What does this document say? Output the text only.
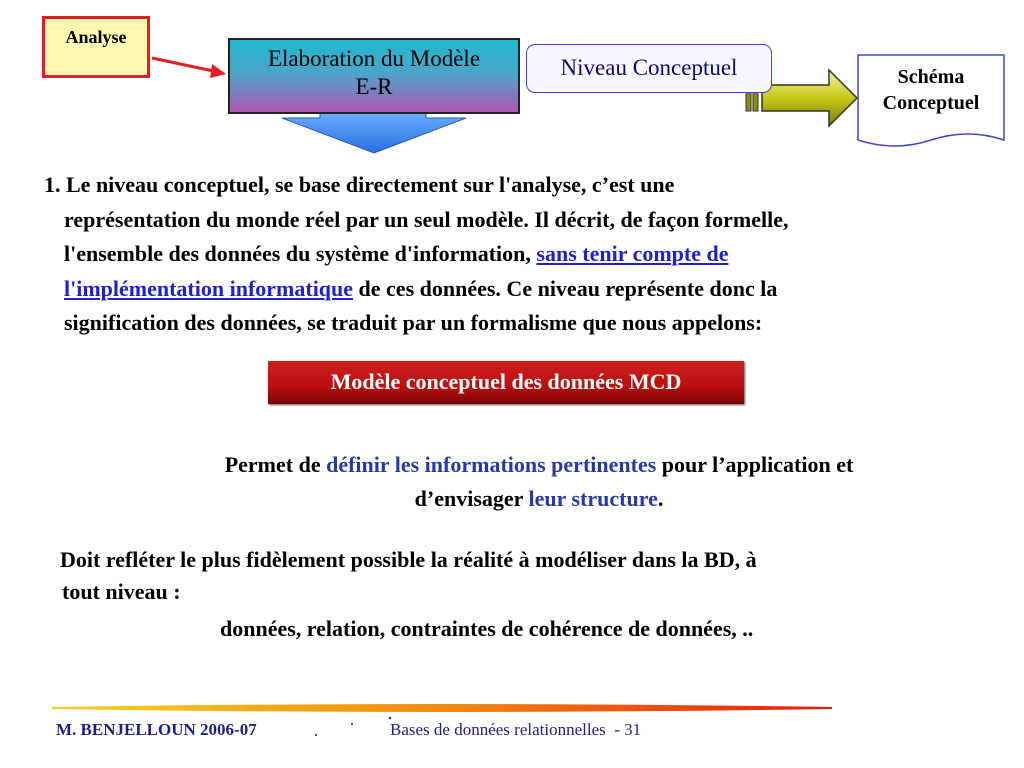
Analyse
Elaboration du Modèle
E-R
Niveau Conceptuel	Schéma
Conceptuel
1. Le niveau conceptuel, se base directement sur l'analyse, c’est une
représentation du monde réel par un seul modèle. Il décrit, de façon formelle,
l'ensemble des données du système d'information, sans tenir compte de
l'implémentation informatique de ces données. Ce niveau représente donc la
signification des données, se traduit par un formalisme que nous appelons:
Modèle conceptuel des données MCD
Permet de définir les informations pertinentes pour l’application et
d’envisager leur structure.
Doit refléter le plus fidèlement possible la réalité à modéliser dans la BD, à
tout niveau :
données, relation, contraintes de cohérence de données, ..
M. BENJELLOUN 2006-07	Bases de données relationnelles  - 31
